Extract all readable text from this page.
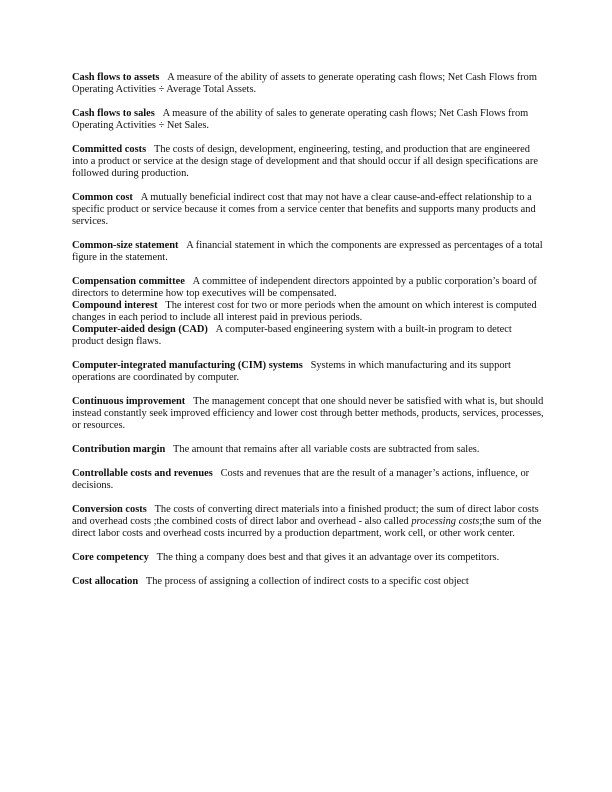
Cash flows to assets A measure of the ability of assets to generate operating cash flows; Net Cash Flows from Operating Activities ÷ Average Total Assets.

Cash flows to sales A measure of the ability of sales to generate operating cash flows; Net Cash Flows from Operating Activities ÷ Net Sales.

Committed costs The costs of design, development, engineering, testing, and production that are engineered into a product or service at the design stage of development and that should occur if all design specifications are followed during production.

Common cost A mutually beneficial indirect cost that may not have a clear cause-and-effect relationship to a specific product or service because it comes from a service center that benefits and supports many products and services.

Common-size statement A financial statement in which the components are expressed as percentages of a total figure in the statement.

Compensation committee A committee of independent directors appointed by a public corporation’s board of directors to determine how top executives will be compensated.

Compound interest The interest cost for two or more periods when the amount on which interest is computed changes in each period to include all interest paid in previous periods.

Computer-aided design (CAD) A computer-based engineering system with a built-in program to detect product design flaws.

Computer-integrated manufacturing (CIM) systems Systems in which manufacturing and its support operations are coordinated by computer.

Continuous improvement The management concept that one should never be satisfied with what is, but should instead constantly seek improved efficiency and lower cost through better methods, products, services, processes, or resources.

Contribution margin The amount that remains after all variable costs are subtracted from sales.

Controllable costs and revenues Costs and revenues that are the result of a manager’s actions, influence, or decisions.

Conversion costs The costs of converting direct materials into a finished product; the sum of direct labor costs and overhead costs ;the combined costs of direct labor and overhead - also called processing costs;the sum of the direct labor costs and overhead costs incurred by a production department, work cell, or other work center.

Core competency The thing a company does best and that gives it an advantage over its competitors.

Cost allocation The process of assigning a collection of indirect costs to a specific cost object
